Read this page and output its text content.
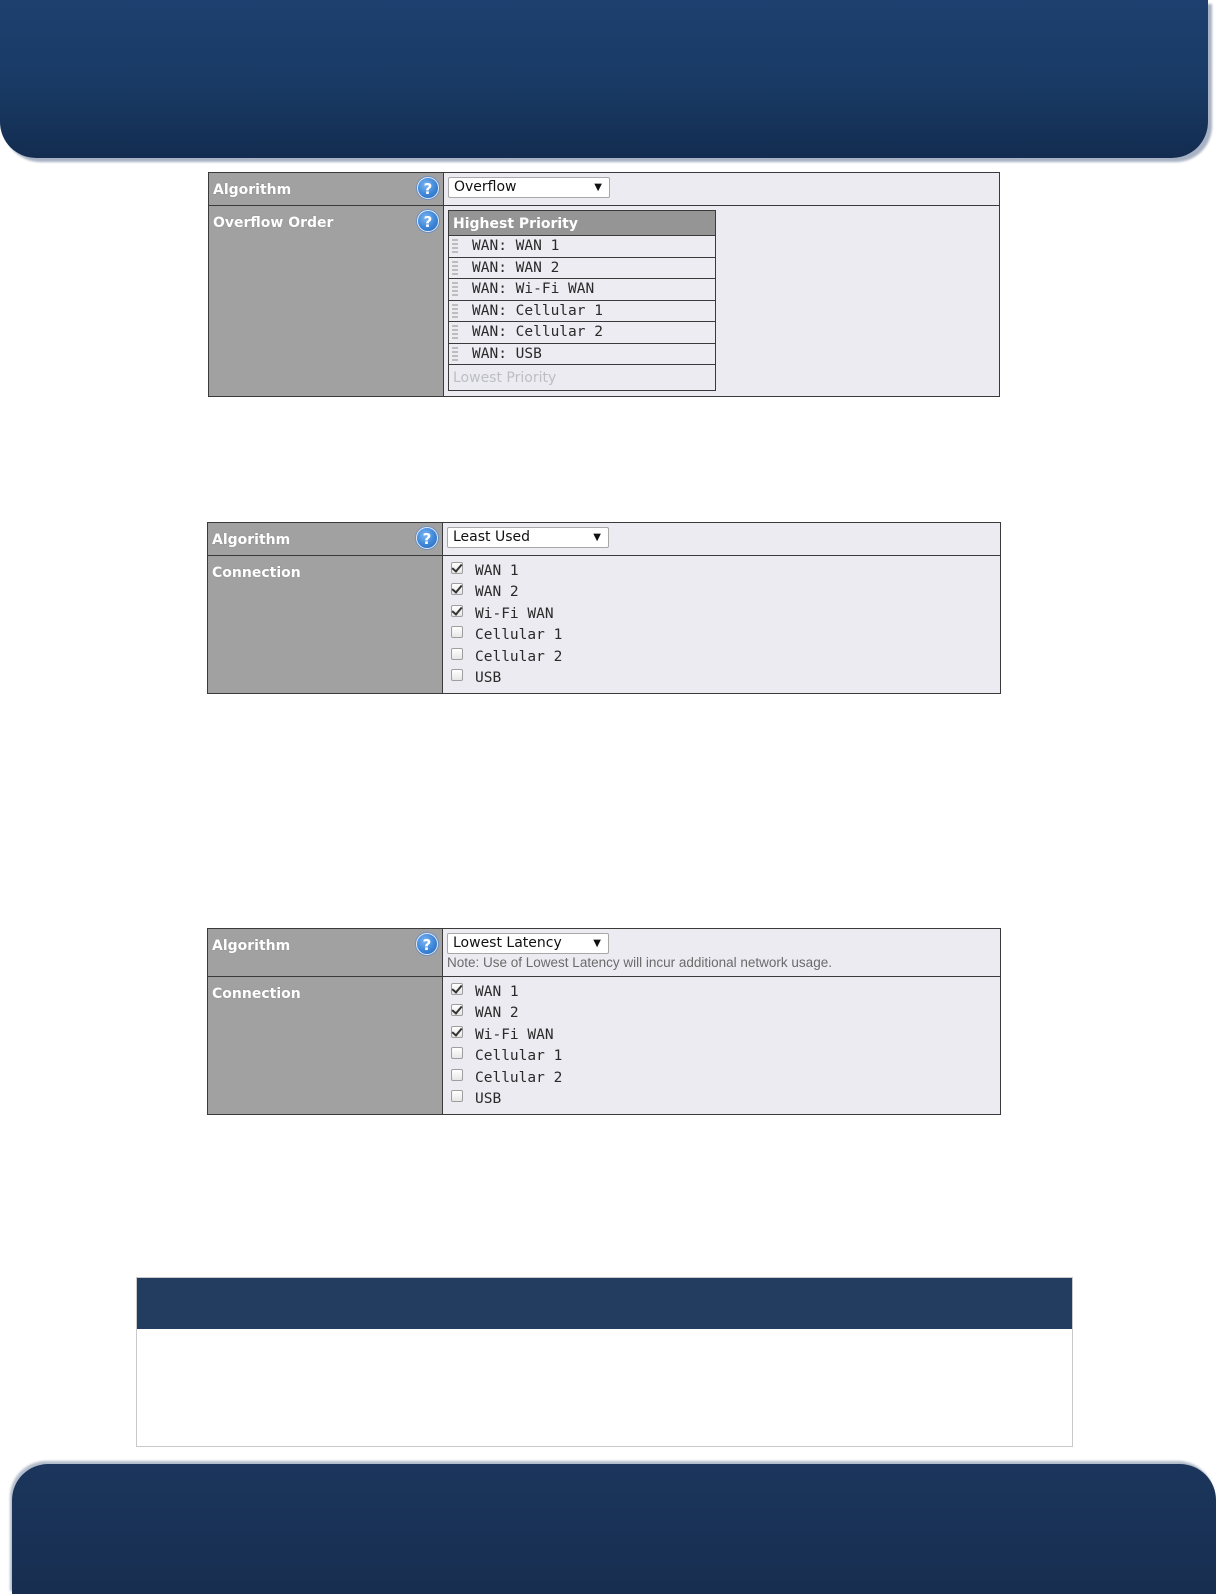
Algorithm	?	Overflow	▼
Overflow Order	?	Highest Priority
WAN: WAN 1
WAN: WAN 2
WAN: Wi-Fi WAN
WAN: Cellular 1
WAN: Cellular 2
WAN: USB
Lowest Priority
Algorithm	?	Least Used	▼
Connection	WAN 1
WAN 2
Wi-Fi WAN
Cellular 1
Cellular 2
USB
Algorithm	?	Lowest Latency	▼
Note: Use of Lowest Latency will incur additional network usage.
Connection	WAN 1
WAN 2
Wi-Fi WAN
Cellular 1
Cellular 2
USB
